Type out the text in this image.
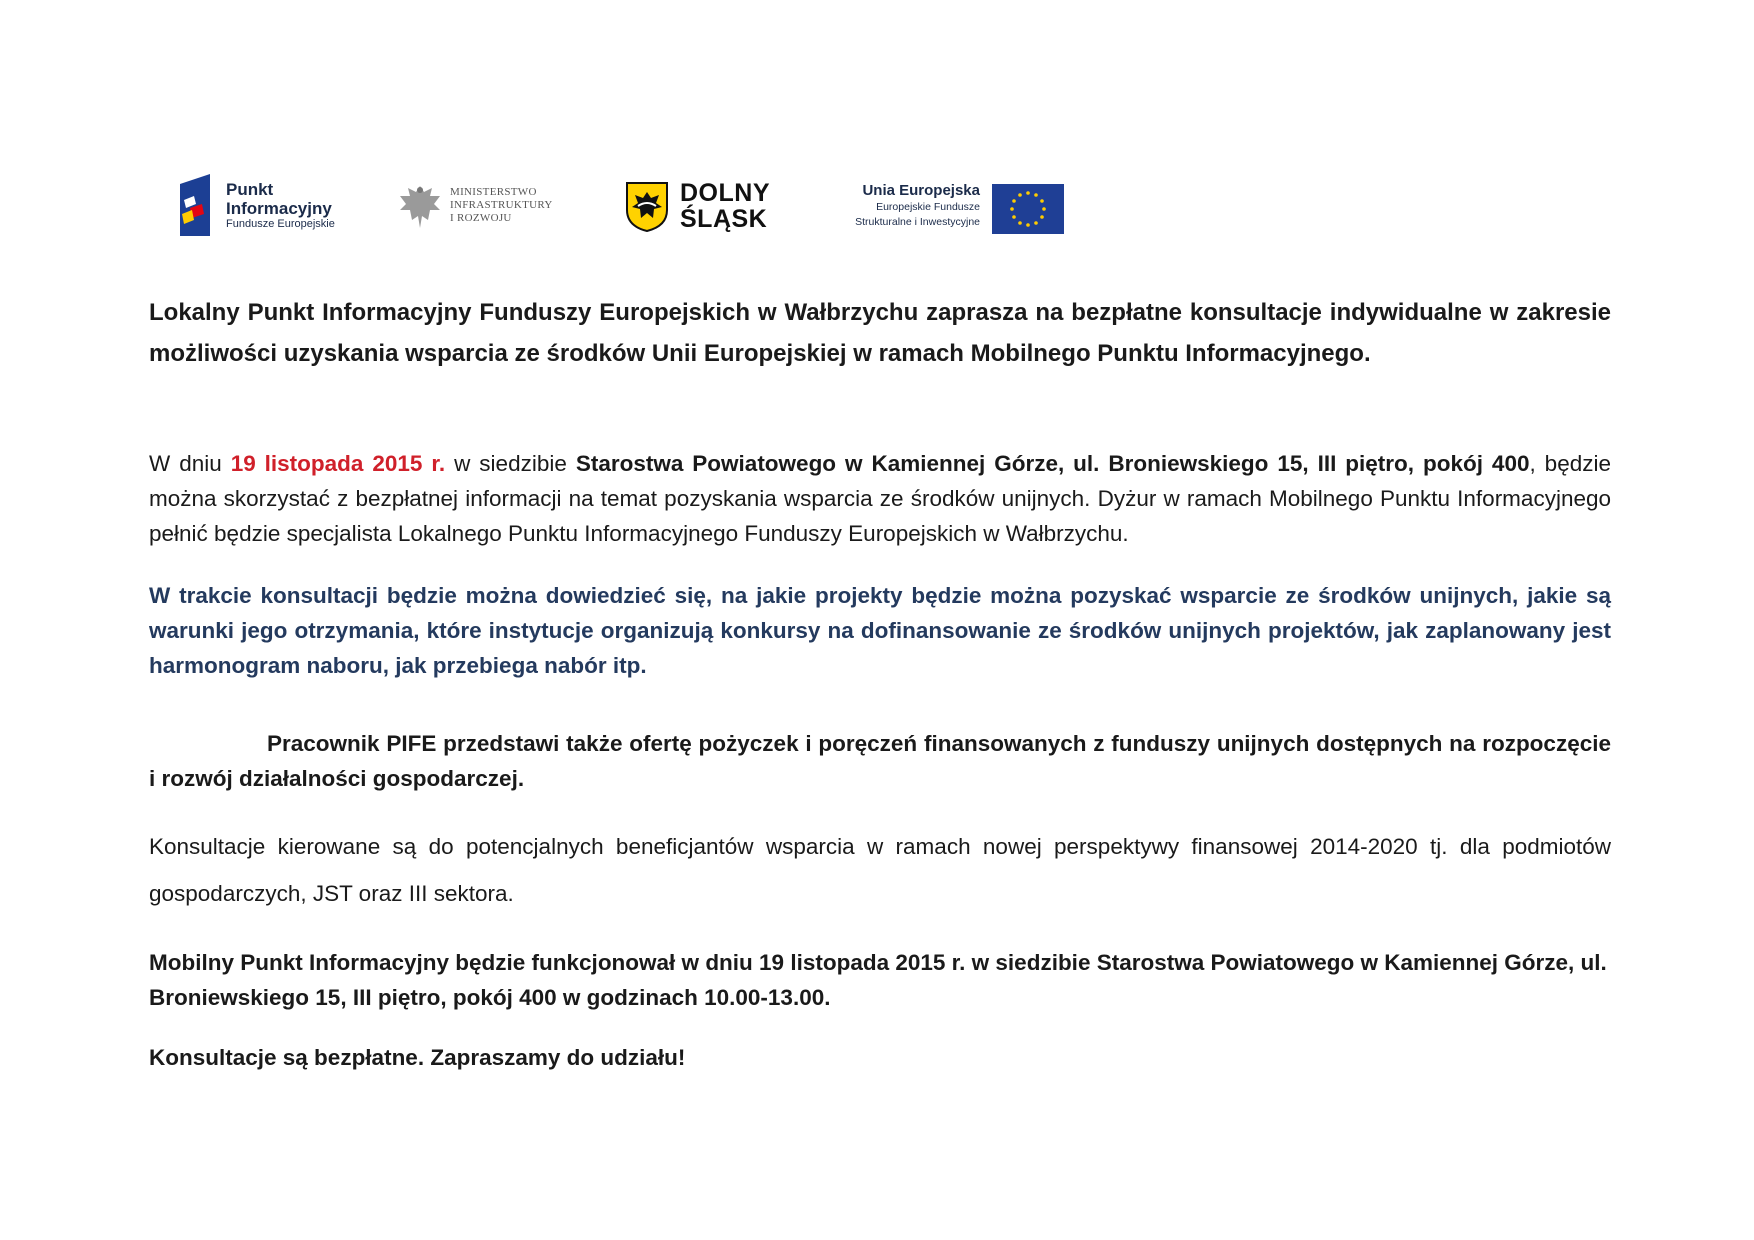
Punkt
Informacyjny
Fundusze Europejskie
MINISTERSTWO
INFRASTRUKTURY
I ROZWOJU
DOLNY
ŚLĄSK
Unia Europejska
Europejskie Fundusze
Strukturalne i Inwestycyjne

Lokalny Punkt Informacyjny Funduszy Europejskich w Wałbrzychu zaprasza na bezpłatne konsultacje indywidualne w zakresie możliwości uzyskania wsparcia ze środków Unii Europejskiej w ramach Mobilnego Punktu Informacyjnego.

W dniu 19 listopada 2015 r. w siedzibie Starostwa Powiatowego w Kamiennej Górze, ul. Broniewskiego 15, III piętro, pokój 400, będzie można skorzystać z bezpłatnej informacji na temat pozyskania wsparcia ze środków unijnych. Dyżur w ramach Mobilnego Punktu Informacyjnego pełnić będzie specjalista Lokalnego Punktu Informacyjnego Funduszy Europejskich w Wałbrzychu.

W trakcie konsultacji będzie można dowiedzieć się, na jakie projekty będzie można pozyskać wsparcie ze środków unijnych, jakie są warunki jego otrzymania, które instytucje organizują konkursy na dofinansowanie ze środków unijnych projektów, jak zaplanowany jest harmonogram naboru, jak przebiega nabór itp.

Pracownik PIFE przedstawi także ofertę pożyczek i poręczeń finansowanych z funduszy unijnych dostępnych na rozpoczęcie i rozwój działalności gospodarczej.

Konsultacje kierowane są do potencjalnych beneficjantów wsparcia w ramach nowej perspektywy finansowej 2014-2020 tj. dla podmiotów gospodarczych, JST oraz III sektora.

Mobilny Punkt Informacyjny będzie funkcjonował w dniu 19 listopada 2015 r. w siedzibie Starostwa Powiatowego w Kamiennej Górze, ul. Broniewskiego 15, III piętro, pokój 400 w godzinach 10.00-13.00.

Konsultacje są bezpłatne. Zapraszamy do udziału!
